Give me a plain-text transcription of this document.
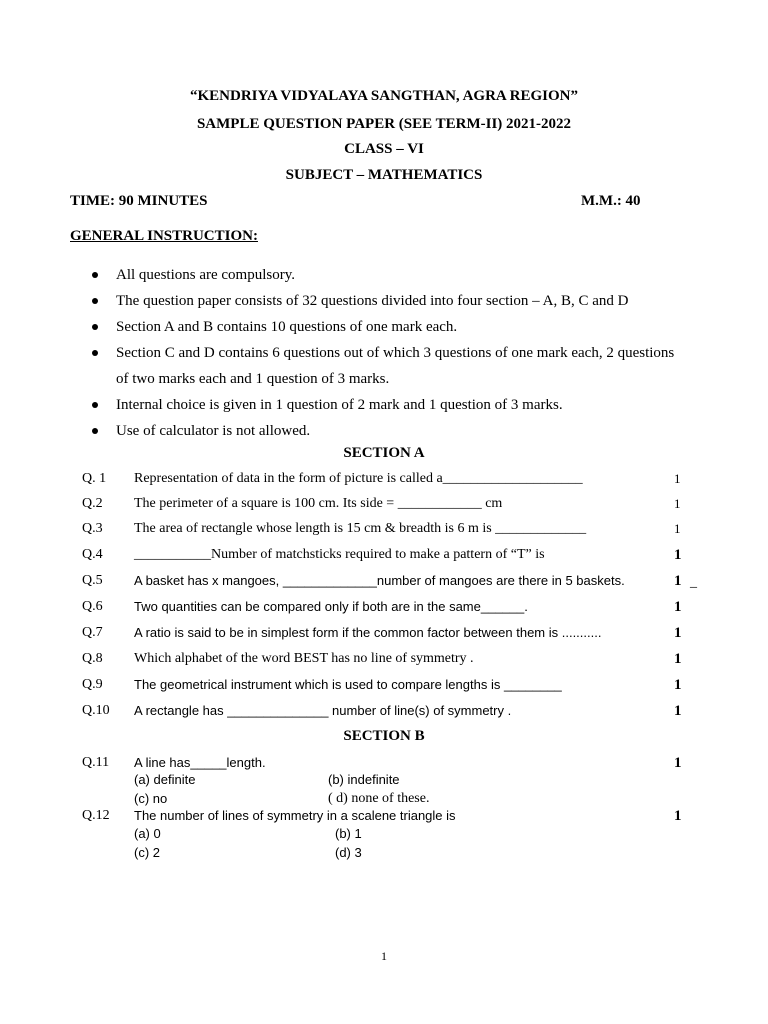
“KENDRIYA VIDYALAYA SANGTHAN, AGRA REGION”
SAMPLE QUESTION PAPER (SEE TERM-II) 2021-2022
CLASS – VI
SUBJECT – MATHEMATICS
TIME: 90 MINUTES	M.M.: 40
GENERAL INSTRUCTION:
All questions are compulsory.
The question paper consists of 32 questions divided into four section – A, B, C and D
Section A and B contains 10 questions of one mark each.
Section C and D contains 6 questions out of which 3 questions of one mark each, 2 questions
of two marks each and 1 question of 3 marks.
Internal choice is given in 1 question of 2 mark and 1 question of 3 marks.
Use of calculator is not allowed.
SECTION A
Q. 1 Representation of data in the form of picture is called a____________________	1
Q.2 The perimeter of a square is 100 cm. Its side = ____________ cm	1
Q.3 The area of rectangle whose length is 15 cm & breadth is 6 m is _____________	1
Q.4 ___________Number of matchsticks required to make a pattern of “T” is	1
Q.5 A basket has x mangoes, _____________number of mangoes are there in 5 baskets.	1 _
Q.6 Two quantities can be compared only if both are in the same______.	1
Q.7 A ratio is said to be in simplest form if the common factor between them is ...........	1
Q.8 Which alphabet of the word BEST has no line of symmetry .	1
Q.9 The geometrical instrument which is used to compare lengths is ________	1
Q.10 A rectangle has ______________ number of line(s) of symmetry .	1
SECTION B
Q.11 A line has_____length.	1
(a) definite	(b) indefinite
(c) no	( d) none of these.
Q.12 The number of lines of symmetry in a scalene triangle is	1
(a) 0	(b) 1
(c) 2	(d) 3
1
